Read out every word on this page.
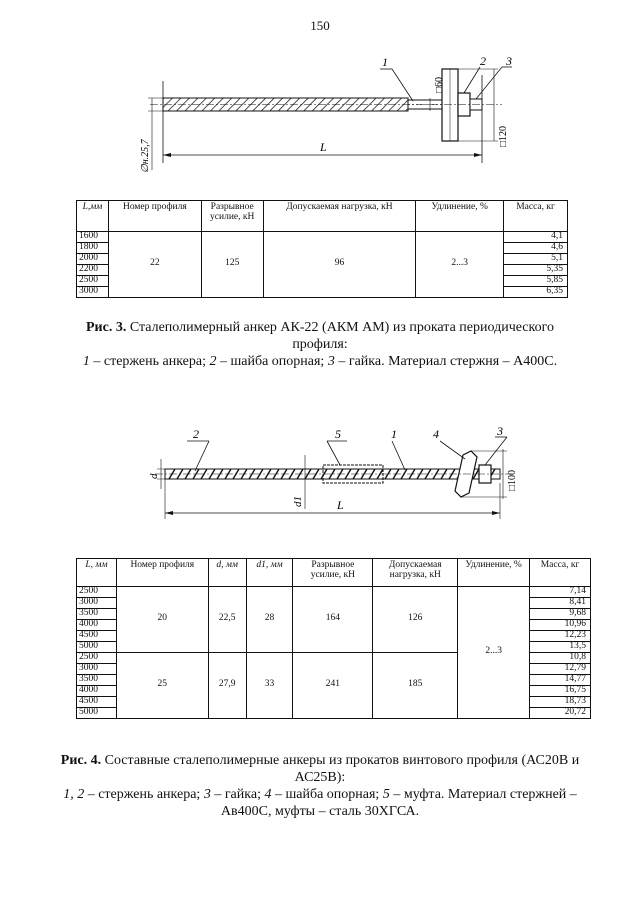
150
1	2 3
□60
□120
∅н.25,7	L
L,мм	Номер профиля	Разрывное усилие, кН	Допускаемая нагрузка, кН	Удлинение, %	Масса, кг
1600	22	125	96	2...3	4,1
1800					4,6
2000					5,1
2200					5,35
2500					5,85
3000					6,35
Рис. 3. Сталеполимерный анкер АК-22 (АКМ АМ) из проката периодического профиля:
1 – стержень анкера; 2 – шайба опорная; 3 – гайка. Материал стержня – А400С.
2	5	1	4	3
d
d1
□100
L
L, мм	Номер профиля	d, мм	d1, мм	Разрывное усилие, кН	Допускаемая нагрузка, кН	Удлинение, %	Масса, кг
2500	20	22,5	28	164	126	2...3	7,14
3000							8,41
3500							9,68
4000							10,96
4500							12,23
5000							13,5
2500	25	27,9	33	241	185		10,8
3000							12,79
3500							14,77
4000							16,75
4500							18,73
5000							20,72
Рис. 4. Составные сталеполимерные анкеры из прокатов винтового профиля (АС20В и АС25В):
1, 2 – стержень анкера; 3 – гайка; 4 – шайба опорная; 5 – муфта. Материал стержней – Ав400С, муфты – сталь 30ХГСА.
